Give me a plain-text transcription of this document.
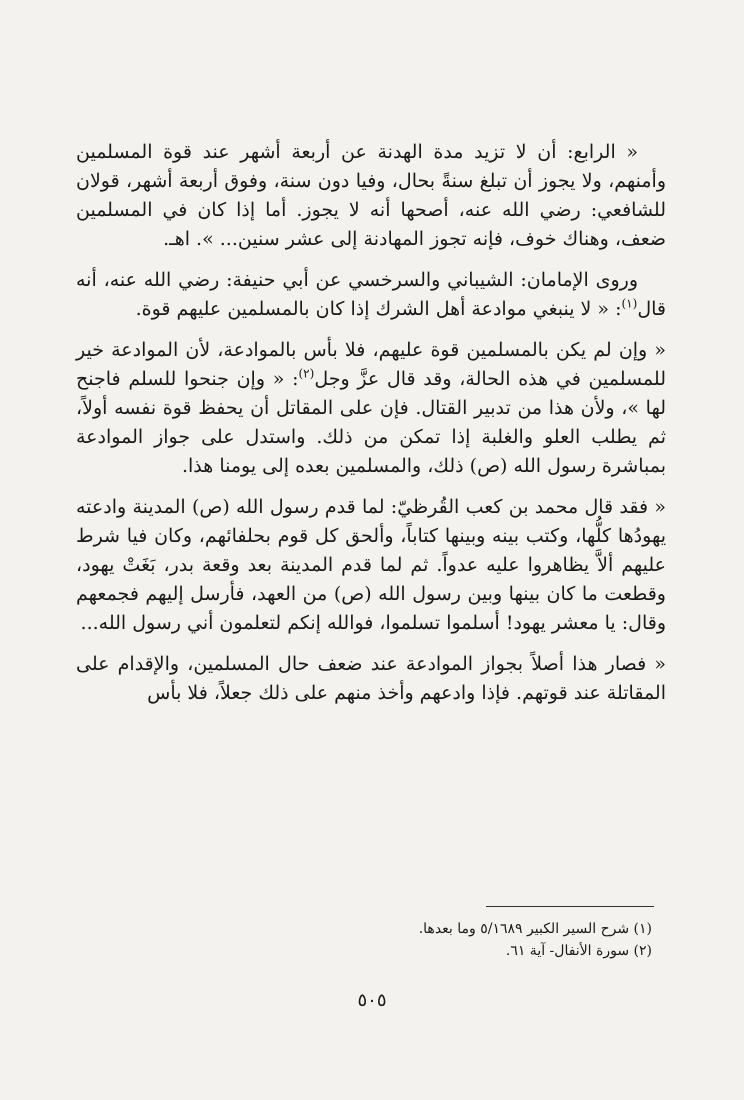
« الرابع: أن لا تزيد مدة الهدنة عن أربعة أشهر عند قوة المسلمين وأمنهم، ولا يجوز أن تبلغ سنةً بحال، وفيا دون سنة، وفوق أربعة أشهر، قولان للشافعي: رضي الله عنه، أصحها أنه لا يجوز. أما إذا كان في المسلمين ضعف، وهناك خوف، فإنه تجوز المهادنة إلى عشر سنين... ». اهـ.

وروى الإمامان: الشيباني والسرخسي عن أبي حنيفة: رضي الله عنه، أنه قال$^{(١)}$: « لا ينبغي موادعة أهل الشرك إذا كان بالمسلمين عليهم قوة.

« وإن لم يكن بالمسلمين قوة عليهم، فلا بأس بالموادعة، لأن الموادعة خير للمسلمين في هذه الحالة، وقد قال عزَّ وجل$^{(٢)}$: « وإن جنحوا للسلم فاجنح لها »، ولأن هذا من تدبير القتال. فإن على المقاتل أن يحفظ قوة نفسه أولاً، ثم يطلب العلو والغلبة إذا تمكن من ذلك. واستدل على جواز الموادعة بمباشرة رسول الله (ص) ذلك، والمسلمين بعده إلى يومنا هذا.

« فقد قال محمد بن كعب القُرظيّ: لما قدم رسول الله (ص) المدينة وادعته يهودُها كلُّها، وكتب بينه وبينها كتاباً، وألحق كل قوم بحلفائهم، وكان فيا شرط عليهم ألاَّ يظاهروا عليه عدواً. ثم لما قدم المدينة بعد وقعة بدر، بَغَتْ يهود، وقطعت ما كان بينها وبين رسول الله (ص) من العهد، فأرسل إليهم فجمعهم وقال: يا معشر يهود! أسلموا تسلموا، فوالله إنكم لتعلمون أني رسول الله...

« فصار هذا أصلاً بجواز الموادعة عند ضعف حال المسلمين، والإقدام على المقاتلة عند قوتهم. فإذا وادعهم وأخذ منهم على ذلك جعلاً، فلا بأس

(١) شرح السير الكبير ٥/١٦٨٩ وما بعدها.

(٢) سورة الأنفال- آية ٦١.

٥٠٥
